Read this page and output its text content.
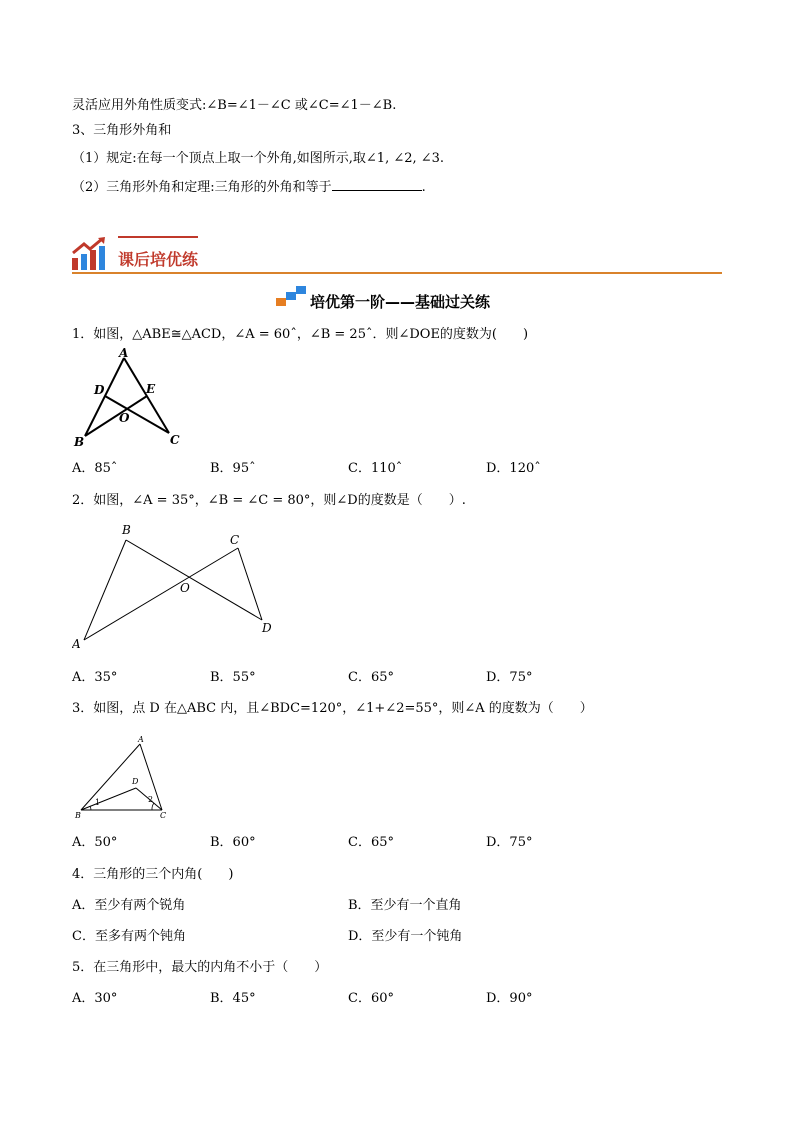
灵活应用外角性质变式:∠B=∠1－∠C 或∠C=∠1－∠B.
3、三角形外角和
（1）规定:在每一个顶点上取一个外角,如图所示,取∠1, ∠2, ∠3.
（2）三角形外角和定理:三角形的外角和等于	.
课后培优练
培优第一阶——基础过关练
1．如图，△ABE≅△ACD，∠A = 60ˆ，∠B = 25ˆ．则∠DOE的度数为(　　)
A
D	E
O
B	C
A．85ˆ	B．95ˆ	C．110ˆ	D．120ˆ
2．如图，∠A = 35°，∠B = ∠C = 80°，则∠D的度数是（　　）.
B
C
O
A
D
A．35°	B．55°	C．65°	D．75°
3．如图，点 D 在△ABC 内，且∠BDC=120°，∠1+∠2=55°，则∠A 的度数为（　　）
A
D
1	2
B	C
A．50°	B．60°	C．65°	D．75°
4．三角形的三个内角(　　)
A．至少有两个锐角	B．至少有一个直角
C．至多有两个钝角	D．至少有一个钝角
5．在三角形中，最大的内角不小于（　　）
A．30°	B．45°	C．60°	D．90°
